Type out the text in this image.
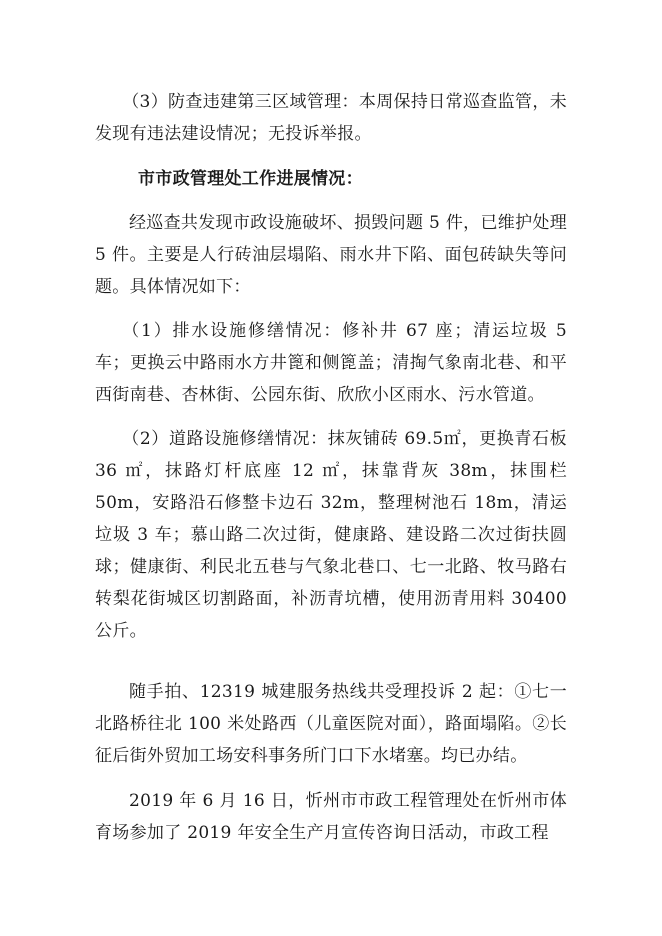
（3）防查违建第三区域管理：本周保持日常巡查监管，未发现有违法建设情况；无投诉举报。

市市政管理处工作进展情况：

经巡查共发现市政设施破坏、损毁问题 5 件，已维护处理 5 件。主要是人行砖油层塌陷、雨水井下陷、面包砖缺失等问题。具体情况如下：

（1）排水设施修缮情况：修补井 67 座；清运垃圾 5 车；更换云中路雨水方井篦和侧篦盖；清掏气象南北巷、和平西街南巷、杏林街、公园东街、欣欣小区雨水、污水管道。

（2）道路设施修缮情况：抹灰铺砖 69.5㎡，更换青石板 36 ㎡，抹路灯杆底座 12 ㎡，抹靠背灰 38m，抹围栏 50m，安路沿石修整卡边石 32m，整理树池石 18m，清运垃圾 3 车；慕山路二次过街，健康路、建设路二次过街扶圆球；健康街、利民北五巷与气象北巷口、七一北路、牧马路右转梨花街城区切割路面，补沥青坑槽，使用沥青用料 30400 公斤。

随手拍、12319 城建服务热线共受理投诉 2 起：①七一北路桥往北 100 米处路西（儿童医院对面），路面塌陷。②长征后街外贸加工场安科事务所门口下水堵塞。均已办结。

2019 年 6 月 16 日，忻州市市政工程管理处在忻州市体育场参加了 2019 年安全生产月宣传咨询日活动，市政工程
